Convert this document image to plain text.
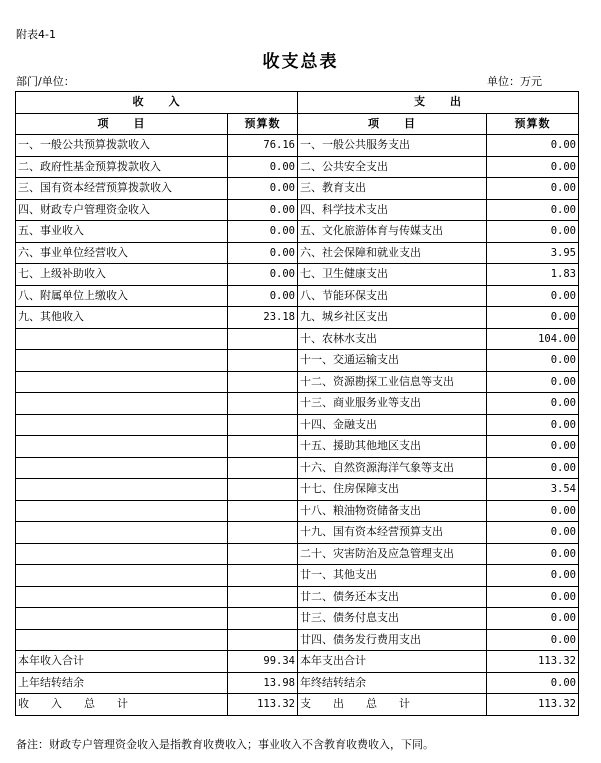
附表4-1
收支总表
部门/单位：	单位：万元
收　　入		支　　出	
项　　目	预算数	项　　目	预算数
一、一般公共预算拨款收入	76.16	一、一般公共服务支出	0.00
二、政府性基金预算拨款收入	0.00	二、公共安全支出	0.00
三、国有资本经营预算拨款收入	0.00	三、教育支出	0.00
四、财政专户管理资金收入	0.00	四、科学技术支出	0.00
五、事业收入	0.00	五、文化旅游体育与传媒支出	0.00
六、事业单位经营收入	0.00	六、社会保障和就业支出	3.95
七、上级补助收入	0.00	七、卫生健康支出	1.83
八、附属单位上缴收入	0.00	八、节能环保支出	0.00
九、其他收入	23.18	九、城乡社区支出	0.00
		十、农林水支出	104.00
		十一、交通运输支出	0.00
		十二、资源勘探工业信息等支出	0.00
		十三、商业服务业等支出	0.00
		十四、金融支出	0.00
		十五、援助其他地区支出	0.00
		十六、自然资源海洋气象等支出	0.00
		十七、住房保障支出	3.54
		十八、粮油物资储备支出	0.00
		十九、国有资本经营预算支出	0.00
		二十、灾害防治及应急管理支出	0.00
		廿一、其他支出	0.00
		廿二、债务还本支出	0.00
		廿三、债务付息支出	0.00
		廿四、债务发行费用支出	0.00
本年收入合计	99.34	本年支出合计	113.32
上年结转结余	13.98	年终结转结余	0.00
收　　入　　总　　计	113.32	支　　出　　总　　计	113.32
备注：财政专户管理资金收入是指教育收费收入；事业收入不含教育收费收入，下同。
